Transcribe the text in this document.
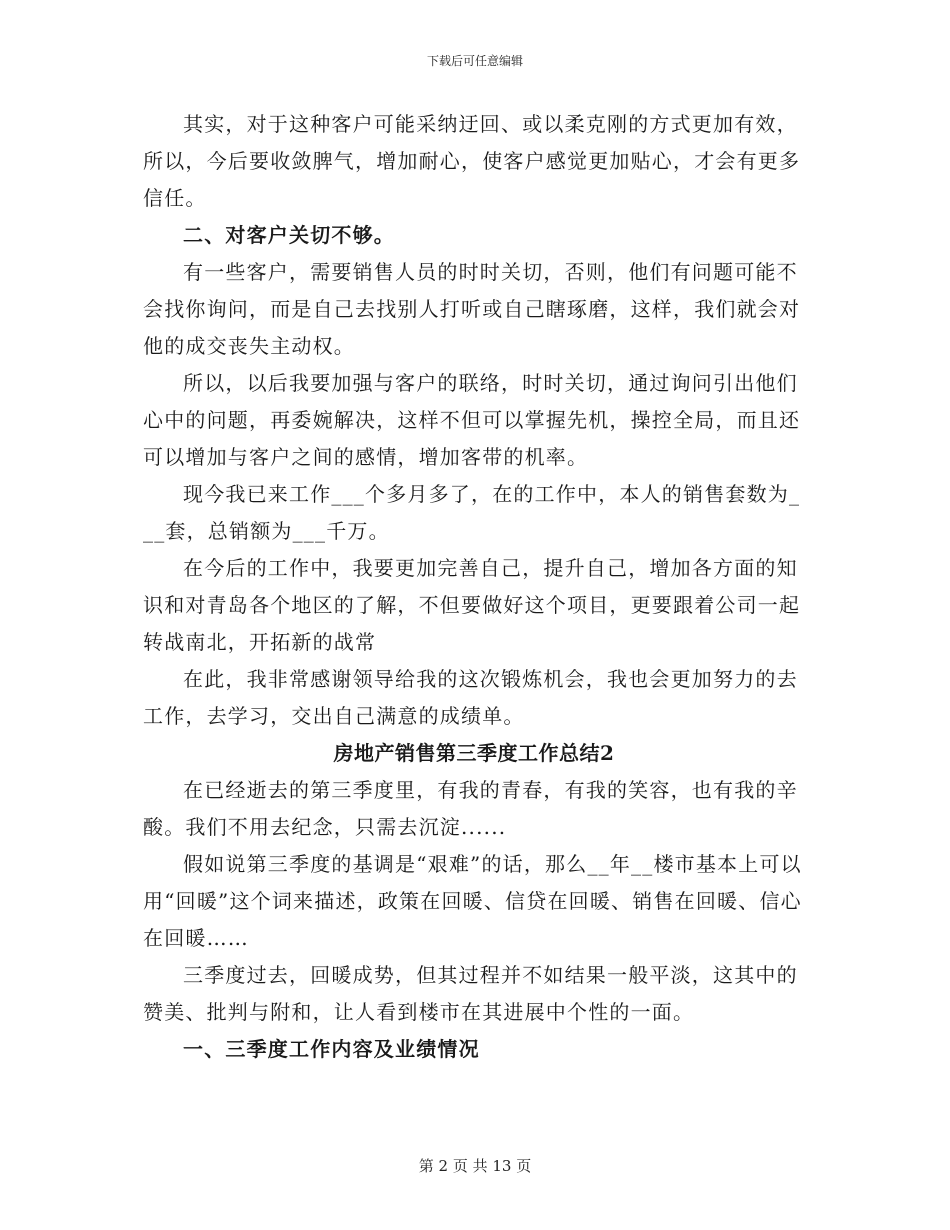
下载后可任意编辑

其实，对于这种客户可能采纳迂回、或以柔克刚的方式更加有效，所以，今后要收敛脾气，增加耐心，使客户感觉更加贴心，才会有更多信任。

二、对客户关切不够。

有一些客户，需要销售人员的时时关切，否则，他们有问题可能不会找你询问，而是自己去找别人打听或自己瞎琢磨，这样，我们就会对他的成交丧失主动权。

所以，以后我要加强与客户的联络，时时关切，通过询问引出他们心中的问题，再委婉解决，这样不但可以掌握先机，操控全局，而且还可以增加与客户之间的感情，增加客带的机率。

现今我已来工作___个多月多了，在的工作中，本人的销售套数为___套，总销额为___千万。

在今后的工作中，我要更加完善自己，提升自己，增加各方面的知识和对青岛各个地区的了解，不但要做好这个项目，更要跟着公司一起转战南北，开拓新的战常

在此，我非常感谢领导给我的这次锻炼机会，我也会更加努力的去工作，去学习，交出自己满意的成绩单。

房地产销售第三季度工作总结2

在已经逝去的第三季度里，有我的青春，有我的笑容，也有我的辛酸。我们不用去纪念，只需去沉淀......

假如说第三季度的基调是“艰难”的话，那么__年__楼市基本上可以用“回暖”这个词来描述，政策在回暖、信贷在回暖、销售在回暖、信心在回暖……

三季度过去，回暖成势，但其过程并不如结果一般平淡，这其中的赞美、批判与附和，让人看到楼市在其进展中个性的一面。

一、三季度工作内容及业绩情况

第 2 页 共 13 页
